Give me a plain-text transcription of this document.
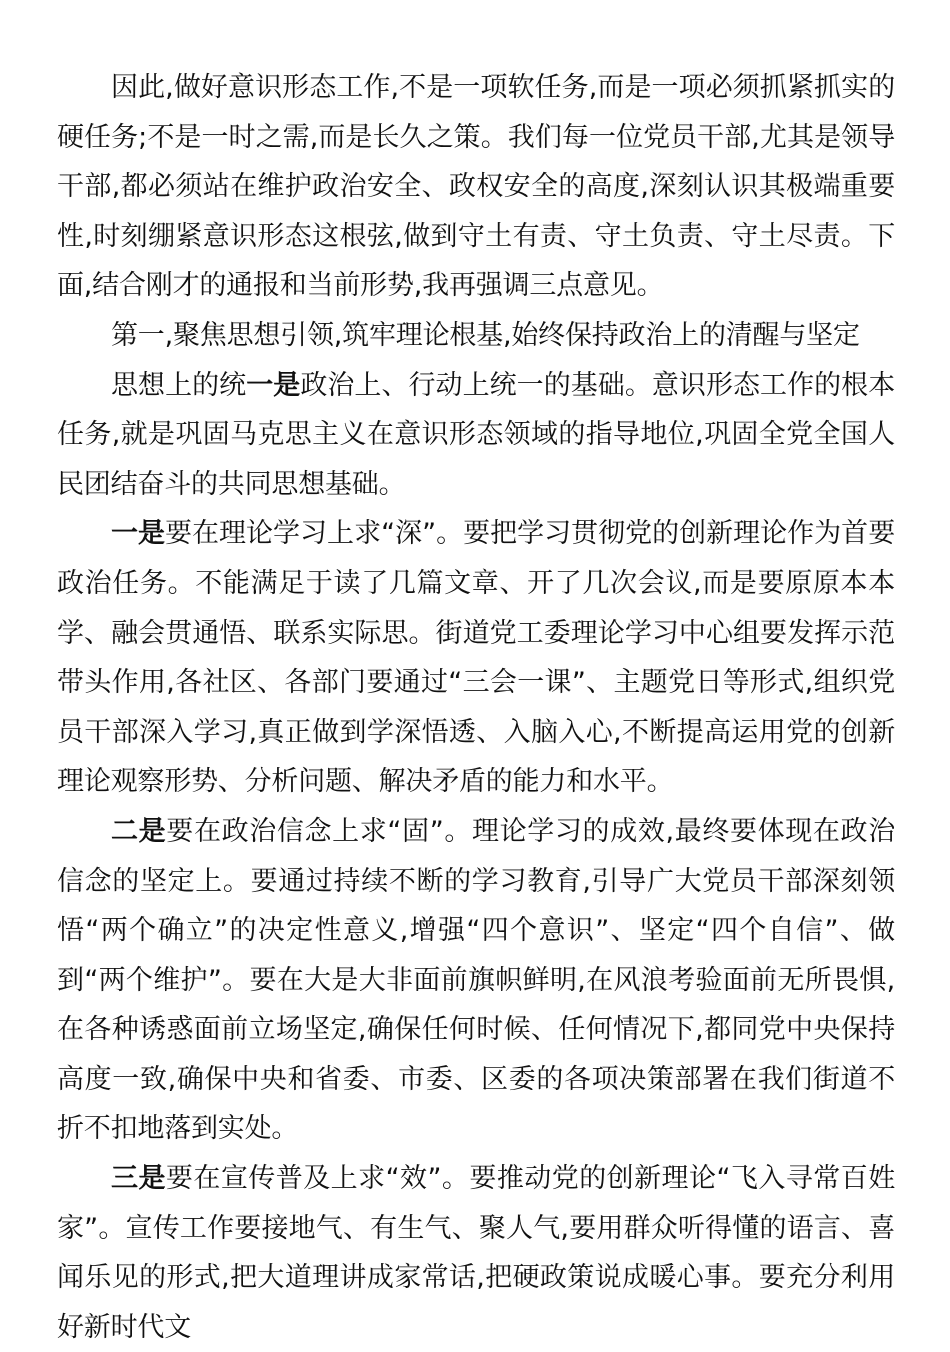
因此,做好意识形态工作,不是一项软任务,而是一项必须抓紧抓实的硬任务;不是一时之需,而是长久之策。我们每一位党员干部,尤其是领导干部,都必须站在维护政治安全、政权安全的高度,深刻认识其极端重要性,时刻绷紧意识形态这根弦,做到守土有责、守土负责、守土尽责。下面,结合刚才的通报和当前形势,我再强调三点意见。

第一,聚焦思想引领,筑牢理论根基,始终保持政治上的清醒与坚定

思想上的统一是政治上、行动上统一的基础。意识形态工作的根本任务,就是巩固马克思主义在意识形态领域的指导地位,巩固全党全国人民团结奋斗的共同思想基础。

一是要在理论学习上求“深”。要把学习贯彻党的创新理论作为首要政治任务。不能满足于读了几篇文章、开了几次会议,而是要原原本本学、融会贯通悟、联系实际思。街道党工委理论学习中心组要发挥示范带头作用,各社区、各部门要通过“三会一课”、主题党日等形式,组织党员干部深入学习,真正做到学深悟透、入脑入心,不断提高运用党的创新理论观察形势、分析问题、解决矛盾的能力和水平。

二是要在政治信念上求“固”。理论学习的成效,最终要体现在政治信念的坚定上。要通过持续不断的学习教育,引导广大党员干部深刻领悟“两个确立”的决定性意义,增强“四个意识”、坚定“四个自信”、做到“两个维护”。要在大是大非面前旗帜鲜明,在风浪考验面前无所畏惧,在各种诱惑面前立场坚定,确保任何时候、任何情况下,都同党中央保持高度一致,确保中央和省委、市委、区委的各项决策部署在我们街道不折不扣地落到实处。

三是要在宣传普及上求“效”。要推动党的创新理论“飞入寻常百姓家”。宣传工作要接地气、有生气、聚人气,要用群众听得懂的语言、喜闻乐见的形式,把大道理讲成家常话,把硬政策说成暖心事。要充分利用好新时代文
